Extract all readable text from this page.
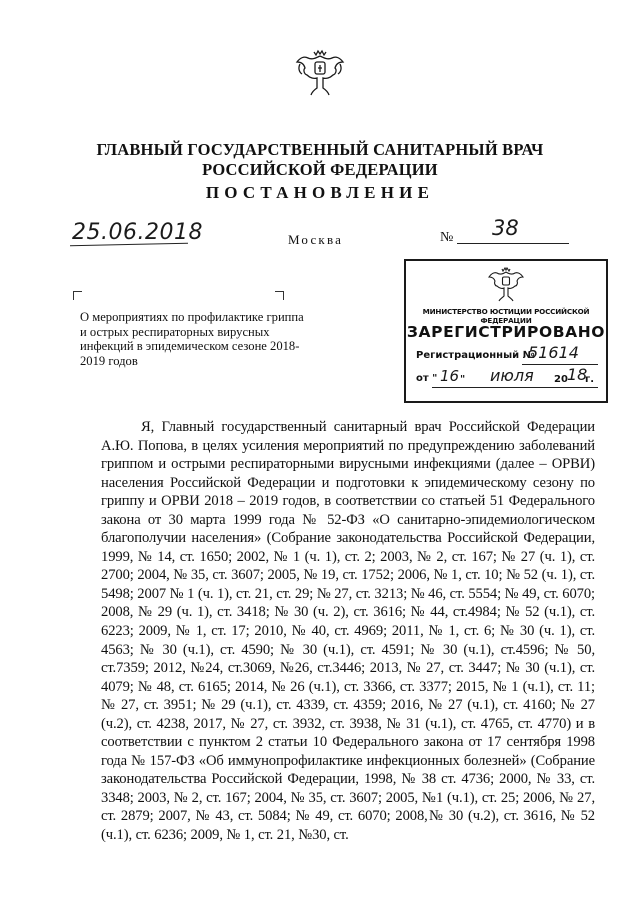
ГЛАВНЫЙ ГОСУДАРСТВЕННЫЙ САНИТАРНЫЙ ВРАЧ
РОССИЙСКОЙ ФЕДЕРАЦИИ
ПОСТАНОВЛЕНИЕ
25.06.2018	Москва	№ 38
О мероприятиях по профилактике гриппа и острых респираторных вирусных инфекций в эпидемическом сезоне 2018-2019 годов
МИНИСТЕРСТВО ЮСТИЦИИ РОССИЙСКОЙ ФЕДЕРАЦИИ
ЗАРЕГИСТРИРОВАНО
Регистрационный №
51614
от " 16 " июля 20 18
г.
Я, Главный государственный санитарный врач Российской Федерации А.Ю. Попова, в целях усиления мероприятий по предупреждению заболеваний гриппом и острыми респираторными вирусными инфекциями (далее – ОРВИ) населения Российской Федерации и подготовки к эпидемическому сезону по гриппу и ОРВИ 2018 – 2019 годов, в соответствии со статьей 51 Федерального закона от 30 марта 1999 года № 52-ФЗ «О санитарно-эпидемиологическом благополучии населения» (Собрание законодательства Российской Федерации, 1999, № 14, ст. 1650; 2002, № 1 (ч. 1), ст. 2; 2003, № 2, ст. 167; № 27 (ч. 1), ст. 2700; 2004, № 35, ст. 3607; 2005, № 19, ст. 1752; 2006, № 1, ст. 10; № 52 (ч. 1), ст. 5498; 2007 № 1 (ч. 1), ст. 21, ст. 29; № 27, ст. 3213; № 46, ст. 5554; № 49, ст. 6070; 2008, № 29 (ч. 1), ст. 3418; № 30 (ч. 2), ст. 3616; № 44, ст.4984; № 52 (ч.1), ст. 6223; 2009, № 1, ст. 17; 2010, № 40, ст. 4969; 2011, № 1, ст. 6; № 30 (ч. 1), ст. 4563; № 30 (ч.1), ст. 4590; № 30 (ч.1), ст. 4591; № 30 (ч.1), ст.4596; № 50, ст.7359; 2012, №24, ст.3069, №26, ст.3446; 2013, № 27, ст. 3447; № 30 (ч.1), ст. 4079; № 48, ст. 6165; 2014, № 26 (ч.1), ст. 3366, ст. 3377; 2015, № 1 (ч.1), ст. 11; № 27, ст. 3951; № 29 (ч.1), ст. 4339, ст. 4359; 2016, № 27 (ч.1), ст. 4160; № 27 (ч.2), ст. 4238, 2017, № 27, ст. 3932, ст. 3938, № 31 (ч.1), ст. 4765, ст. 4770) и в соответствии с пунктом 2 статьи 10 Федерального закона от 17 сентября 1998 года № 157-ФЗ «Об иммунопрофилактике инфекционных болезней» (Собрание законодательства Российской Федерации, 1998, № 38 ст. 4736; 2000, № 33, ст. 3348; 2003, № 2, ст. 167; 2004, № 35, ст. 3607; 2005, №1 (ч.1), ст. 25; 2006, № 27, ст. 2879; 2007, № 43, ст. 5084; № 49, ст. 6070; 2008,№ 30 (ч.2), ст. 3616, № 52 (ч.1), ст. 6236; 2009, № 1, ст. 21, №30, ст.
